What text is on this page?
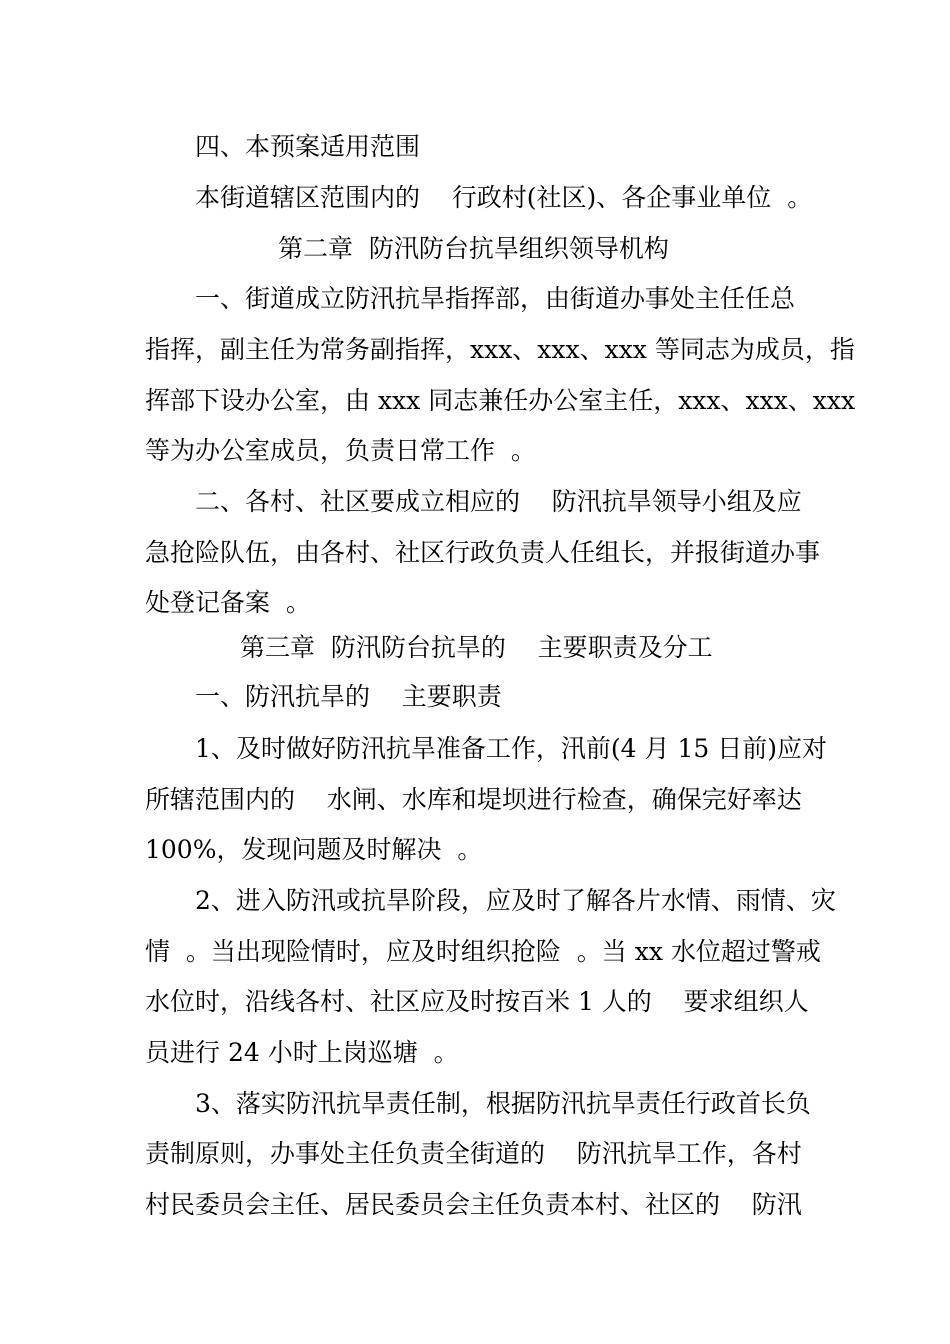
四、本预案适用范围
本街道辖区范围内的    行政村(社区)、各企事业单位  。
第二章  防汛防台抗旱组织领导机构
一、街道成立防汛抗旱指挥部，由街道办事处主任任总
指挥，副主任为常务副指挥，xxx、xxx、xxx 等同志为成员，指
挥部下设办公室，由 xxx 同志兼任办公室主任，xxx、xxx、xxx
等为办公室成员，负责日常工作  。
二、各村、社区要成立相应的    防汛抗旱领导小组及应
急抢险队伍，由各村、社区行政负责人任组长，并报街道办事
处登记备案  。
第三章  防汛防台抗旱的    主要职责及分工
一、防汛抗旱的    主要职责
1、及时做好防汛抗旱准备工作，汛前(4 月 15 日前)应对
所辖范围内的    水闸、水库和堤坝进行检查，确保完好率达
100%，发现问题及时解决  。
2、进入防汛或抗旱阶段，应及时了解各片水情、雨情、灾
情  。当出现险情时，应及时组织抢险  。当 xx 水位超过警戒
水位时，沿线各村、社区应及时按百米 1 人的    要求组织人
员进行 24 小时上岗巡塘  。
3、落实防汛抗旱责任制，根据防汛抗旱责任行政首长负
责制原则，办事处主任负责全街道的    防汛抗旱工作，各村
村民委员会主任、居民委员会主任负责本村、社区的    防汛
